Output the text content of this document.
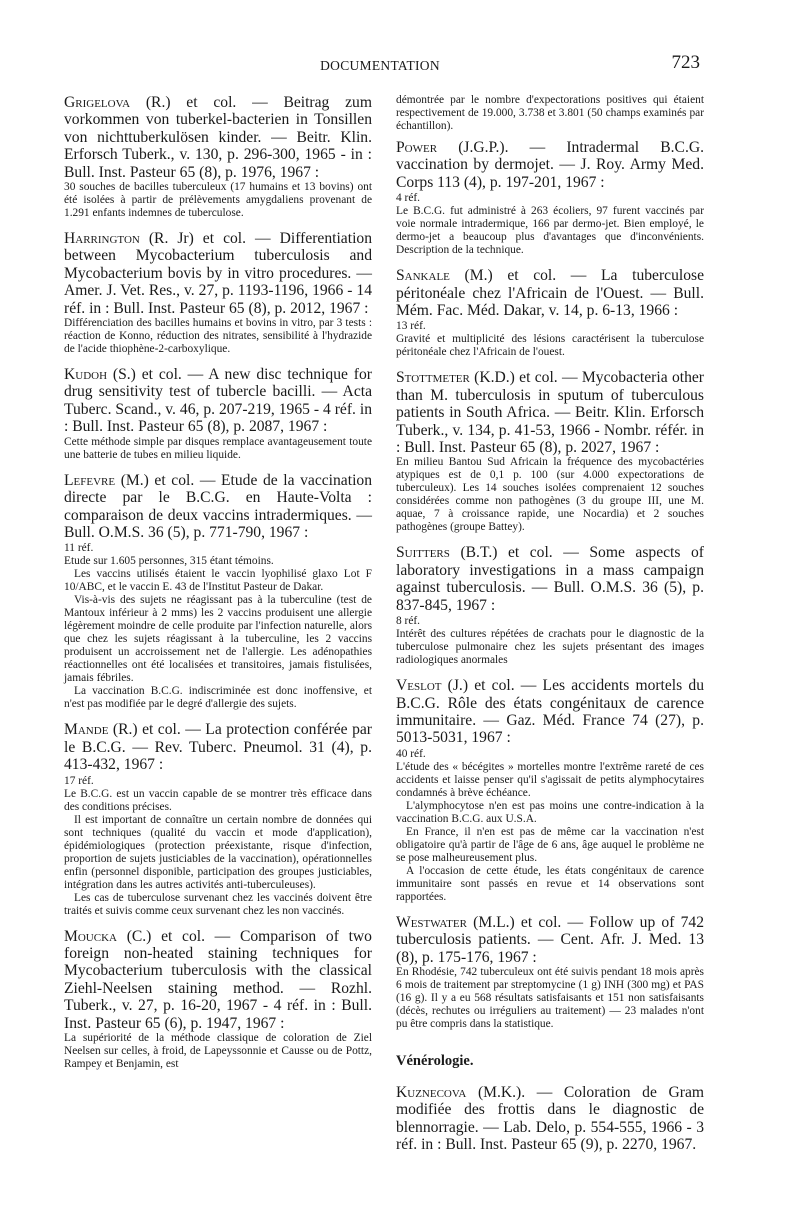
DOCUMENTATION	723

Grigelova (R.) et col. — Beitrag zum vorkommen von tuberkel-bacterien in Tonsillen von nichttuberkulösen kinder. — Beitr. Klin. Erforsch Tuberk., v. 130, p. 296-300, 1965 - in : Bull. Inst. Pasteur 65 (8), p. 1976, 1967 :

30 souches de bacilles tuberculeux (17 humains et 13 bovins) ont été isolées à partir de prélèvements amygdaliens provenant de 1.291 enfants indemnes de tuberculose.

Harrington (R. Jr) et col. — Differentiation between Mycobacterium tuberculosis and Mycobacterium bovis by in vitro procedures. — Amer. J. Vet. Res., v. 27, p. 1193-1196, 1966 - 14 réf. in : Bull. Inst. Pasteur 65 (8), p. 2012, 1967 :

Différenciation des bacilles humains et bovins in vitro, par 3 tests : réaction de Konno, réduction des nitrates, sensibilité à l'hydrazide de l'acide thiophène-2-carboxylique.

Kudoh (S.) et col. — A new disc technique for drug sensitivity test of tubercle bacilli. — Acta Tuberc. Scand., v. 46, p. 207-219, 1965 - 4 réf. in : Bull. Inst. Pasteur 65 (8), p. 2087, 1967 :

Cette méthode simple par disques remplace avantageusement toute une batterie de tubes en milieu liquide.

Lefevre (M.) et col. — Etude de la vaccination directe par le B.C.G. en Haute-Volta : comparaison de deux vaccins intradermiques. — Bull. O.M.S. 36 (5), p. 771-790, 1967 :

11 réf.

Etude sur 1.605 personnes, 315 étant témoins.

Les vaccins utilisés étaient le vaccin lyophilisé glaxo Lot F 10/ABC, et le vaccin E. 43 de l'Institut Pasteur de Dakar.

Vis-à-vis des sujets ne réagissant pas à la tuberculine (test de Mantoux inférieur à 2 mms) les 2 vaccins produisent une allergie légèrement moindre de celle produite par l'infection naturelle, alors que chez les sujets réagissant à la tuberculine, les 2 vaccins produisent un accroissement net de l'allergie. Les adénopathies réactionnelles ont été localisées et transitoires, jamais fistulisées, jamais fébriles.

La vaccination B.C.G. indiscriminée est donc inoffensive, et n'est pas modifiée par le degré d'allergie des sujets.

Mande (R.) et col. — La protection conférée par le B.C.G. — Rev. Tuberc. Pneumol. 31 (4), p. 413-432, 1967 :

17 réf.

Le B.C.G. est un vaccin capable de se montrer très efficace dans des conditions précises.

Il est important de connaître un certain nombre de données qui sont techniques (qualité du vaccin et mode d'application), épidémiologiques (protection préexistante, risque d'infection, proportion de sujets justiciables de la vaccination), opérationnelles enfin (personnel disponible, participation des groupes justiciables, intégration dans les autres activités anti-tuberculeuses).

Les cas de tuberculose survenant chez les vaccinés doivent être traités et suivis comme ceux survenant chez les non vaccinés.

Moucka (C.) et col. — Comparison of two foreign non-heated staining techniques for Mycobacterium tuberculosis with the classical Ziehl-Neelsen staining method. — Rozhl. Tuberk., v. 27, p. 16-20, 1967 - 4 réf. in : Bull. Inst. Pasteur 65 (6), p. 1947, 1967 :

La supériorité de la méthode classique de coloration de Ziel Neelsen sur celles, à froid, de Lapeyssonnie et Causse ou de Pottz, Rampey et Benjamin, est

démontrée par le nombre d'expectorations positives qui étaient respectivement de 19.000, 3.738 et 3.801 (50 champs examinés par échantillon).

Power (J.G.P.). — Intradermal B.C.G. vaccination by dermojet. — J. Roy. Army Med. Corps 113 (4), p. 197-201, 1967 :

4 réf.

Le B.C.G. fut administré à 263 écoliers, 97 furent vaccinés par voie normale intradermique, 166 par dermo-jet. Bien employé, le dermo-jet a beaucoup plus d'avantages que d'inconvénients. Description de la technique.

Sankale (M.) et col. — La tuberculose péritonéale chez l'Africain de l'Ouest. — Bull. Mém. Fac. Méd. Dakar, v. 14, p. 6-13, 1966 :

13 réf.

Gravité et multiplicité des lésions caractérisent la tuberculose péritonéale chez l'Africain de l'ouest.

Stottmeter (K.D.) et col. — Mycobacteria other than M. tuberculosis in sputum of tuberculous patients in South Africa. — Beitr. Klin. Erforsch Tuberk., v. 134, p. 41-53, 1966 - Nombr. référ. in : Bull. Inst. Pasteur 65 (8), p. 2027, 1967 :

En milieu Bantou Sud Africain la fréquence des mycobactéries atypiques est de 0,1 p. 100 (sur 4.000 expectorations de tuberculeux). Les 14 souches isolées comprenaient 12 souches considérées comme non pathogènes (3 du groupe III, une M. aquae, 7 à croissance rapide, une Nocardia) et 2 souches pathogènes (groupe Battey).

Suitters (B.T.) et col. — Some aspects of laboratory investigations in a mass campaign against tuberculosis. — Bull. O.M.S. 36 (5), p. 837-845, 1967 :

8 réf.

Intérêt des cultures répétées de crachats pour le diagnostic de la tuberculose pulmonaire chez les sujets présentant des images radiologiques anormales

Veslot (J.) et col. — Les accidents mortels du B.C.G. Rôle des états congénitaux de carence immunitaire. — Gaz. Méd. France 74 (27), p. 5013-5031, 1967 :

40 réf.

L'étude des « bécégites » mortelles montre l'extrême rareté de ces accidents et laisse penser qu'il s'agissait de petits alymphocytaires condamnés à brève échéance.

L'alymphocytose n'en est pas moins une contre-indication à la vaccination B.C.G. aux U.S.A.

En France, il n'en est pas de même car la vaccination n'est obligatoire qu'à partir de l'âge de 6 ans, âge auquel le problème ne se pose malheureusement plus.

A l'occasion de cette étude, les états congénitaux de carence immunitaire sont passés en revue et 14 observations sont rapportées.

Westwater (M.L.) et col. — Follow up of 742 tuberculosis patients. — Cent. Afr. J. Med. 13 (8), p. 175-176, 1967 :

En Rhodésie, 742 tuberculeux ont été suivis pendant 18 mois après 6 mois de traitement par streptomycine (1 g) INH (300 mg) et PAS (16 g). Il y a eu 568 résultats satisfaisants et 151 non satisfaisants (décès, rechutes ou irréguliers au traitement) — 23 malades n'ont pu être compris dans la statistique.

Vénérologie.

Kuznecova (M.K.). — Coloration de Gram modifiée des frottis dans le diagnostic de blennorragie. — Lab. Delo, p. 554-555, 1966 - 3 réf. in : Bull. Inst. Pasteur 65 (9), p. 2270, 1967.
